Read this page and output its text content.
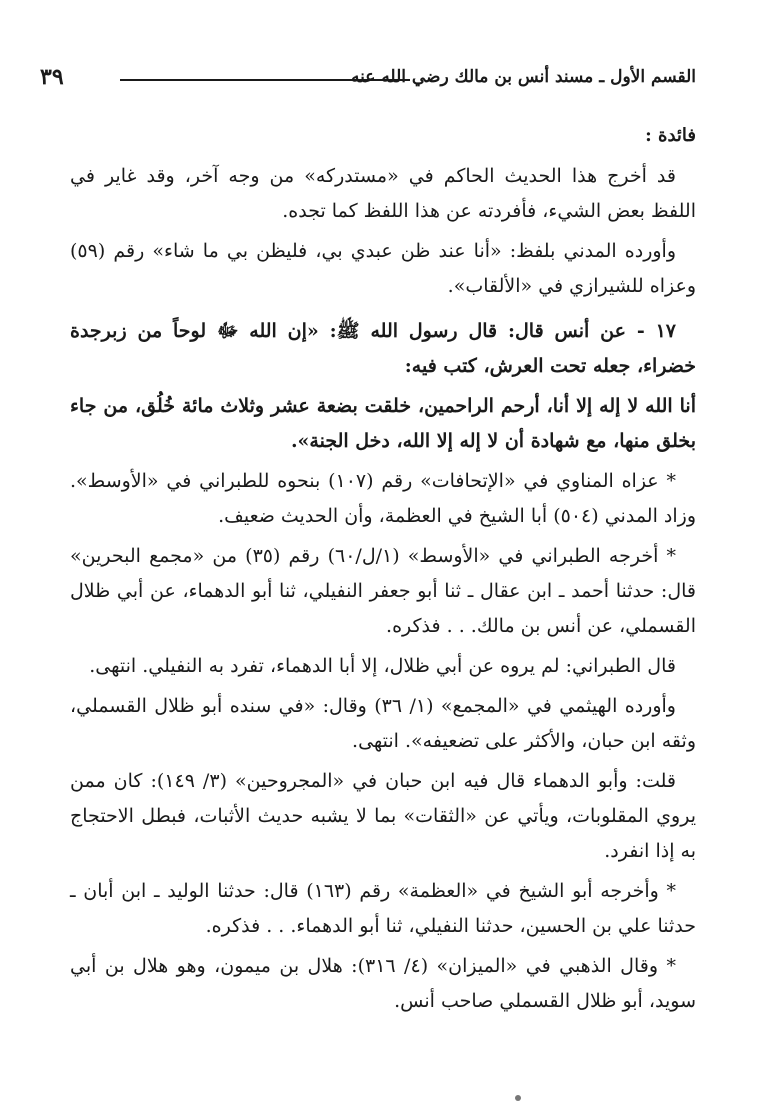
٣٩	القسم الأول ـ مسند أنس بن مالك رضي الله عنه

فائدة :

قد أخرج هذا الحديث الحاكم في «مستدركه» من وجه آخر، وقد غاير في اللفظ بعض الشيء، فأفردته عن هذا اللفظ كما تجده.

وأورده المدني بلفظ: «أنا عند ظن عبدي بي، فليظن بي ما شاء» رقم (٥٩) وعزاه للشيرازي في «الألقاب».

١٧ - عن أنس قال: قال رسول الله ﷺ: «إن الله ﷻ لوحاً من زبرجدة خضراء، جعله تحت العرش، كتب فيه:

أنا الله لا إله إلا أنا، أرحم الراحمين، خلقت بضعة عشر وثلاث مائة خُلُق، من جاء بخلق منها، مع شهادة أن لا إله إلا الله، دخل الجنة».

* عزاه المناوي في «الإتحافات» رقم (١٠٧) بنحوه للطبراني في «الأوسط». وزاد المدني (٥٠٤) أبا الشيخ في العظمة، وأن الحديث ضعيف.

* أخرجه الطبراني في «الأوسط» (١/ل/٦٠) رقم (٣٥) من «مجمع البحرين» قال: حدثنا أحمد ـ ابن عقال ـ ثنا أبو جعفر النفيلي، ثنا أبو الدهماء، عن أبي ظلال القسملي، عن أنس بن مالك. . . فذكره.

قال الطبراني: لم يروه عن أبي ظلال، إلا أبا الدهماء، تفرد به النفيلي. انتهى.

وأورده الهيثمي في «المجمع» (١/ ٣٦) وقال: «في سنده أبو ظلال القسملي، وثقه ابن حبان، والأكثر على تضعيفه». انتهى.

قلت: وأبو الدهماء قال فيه ابن حبان في «المجروحين» (٣/ ١٤٩): كان ممن يروي المقلوبات، ويأتي عن «الثقات» بما لا يشبه حديث الأثبات، فبطل الاحتجاج به إذا انفرد.

* وأخرجه أبو الشيخ في «العظمة» رقم (١٦٣) قال: حدثنا الوليد ـ ابن أبان ـ حدثنا علي بن الحسين، حدثنا النفيلي، ثنا أبو الدهماء. . . فذكره.

* وقال الذهبي في «الميزان» (٤/ ٣١٦): هلال بن ميمون، وهو هلال بن أبي سويد، أبو ظلال القسملي صاحب أنس.
